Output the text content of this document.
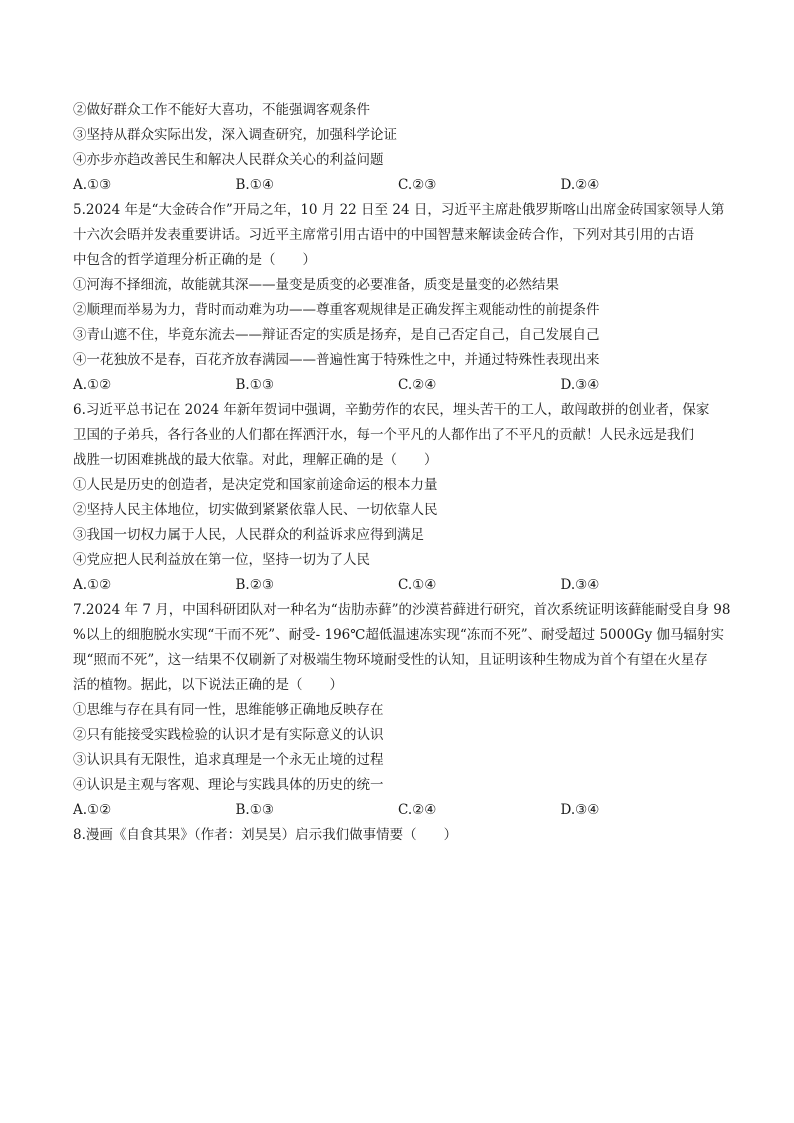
②做好群众工作不能好大喜功，不能强调客观条件
③坚持从群众实际出发，深入调查研究，加强科学论证
④亦步亦趋改善民生和解决人民群众关心的利益问题
A.①③	B.①④	C.②③	D.②④
5.2024 年是“大金砖合作”开局之年，10 月 22 日至 24 日，习近平主席赴俄罗斯喀山出席金砖国家领导人第
十六次会晤并发表重要讲话。习近平主席常引用古语中的中国智慧来解读金砖合作，下列对其引用的古语
中包含的哲学道理分析正确的是（　　）
①河海不择细流，故能就其深——量变是质变的必要准备，质变是量变的必然结果
②顺理而举易为力，背时而动难为功——尊重客观规律是正确发挥主观能动性的前提条件
③青山遮不住，毕竟东流去——辩证否定的实质是扬弃，是自己否定自己，自己发展自己
④一花独放不是春，百花齐放春满园——普遍性寓于特殊性之中，并通过特殊性表现出来
A.①②	B.①③	C.②④	D.③④
6.习近平总书记在 2024 年新年贺词中强调，辛勤劳作的农民，埋头苦干的工人，敢闯敢拼的创业者，保家
卫国的子弟兵，各行各业的人们都在挥洒汗水，每一个平凡的人都作出了不平凡的贡献！人民永远是我们
战胜一切困难挑战的最大依靠。对此，理解正确的是（　　）
①人民是历史的创造者，是决定党和国家前途命运的根本力量
②坚持人民主体地位，切实做到紧紧依靠人民、一切依靠人民
③我国一切权力属于人民，人民群众的利益诉求应得到满足
④党应把人民利益放在第一位，坚持一切为了人民
A.①②	B.②③	C.①④	D.③④
7.2024 年 7 月，中国科研团队对一种名为“齿肋赤藓”的沙漠苔藓进行研究，首次系统证明该藓能耐受自身 98
%以上的细胞脱水实现“干而不死”、耐受- 196℃超低温速冻实现“冻而不死”、耐受超过 5000Gy 伽马辐射实
现“照而不死”，这一结果不仅刷新了对极端生物环境耐受性的认知，且证明该种生物成为首个有望在火星存
活的植物。据此，以下说法正确的是（　　）
①思维与存在具有同一性，思维能够正确地反映存在
②只有能接受实践检验的认识才是有实际意义的认识
③认识具有无限性，追求真理是一个永无止境的过程
④认识是主观与客观、理论与实践具体的历史的统一
A.①②	B.①③	C.②④	D.③④
8.漫画《自食其果》（作者：刘昊昊）启示我们做事情要（　　）
